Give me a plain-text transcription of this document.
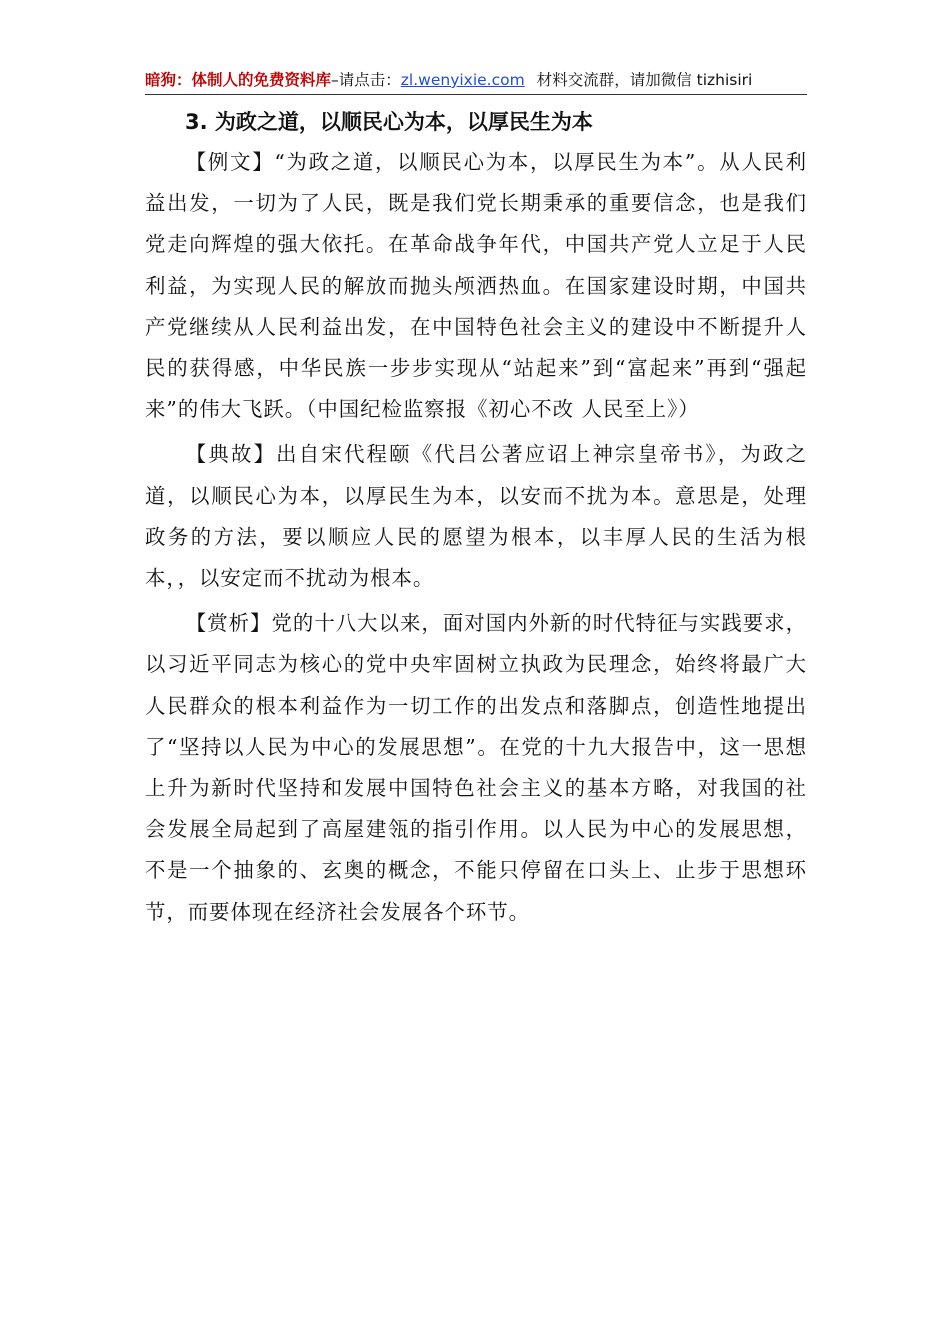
暗狗：体制人的免费资料库–请点击：zl.wenyixie.com 材料交流群，请加微信 tizhisiri
3. 为政之道，以顺民心为本，以厚民生为本

【例文】“为政之道，以顺民心为本，以厚民生为本”。从人民利益出发，一切为了人民，既是我们党长期秉承的重要信念，也是我们党走向辉煌的强大依托。在革命战争年代，中国共产党人立足于人民利益，为实现人民的解放而抛头颅洒热血。在国家建设时期，中国共产党继续从人民利益出发，在中国特色社会主义的建设中不断提升人民的获得感，中华民族一步步实现从“站起来”到“富起来”再到“强起来”的伟大飞跃。（中国纪检监察报《初心不改 人民至上》）

【典故】出自宋代程颐《代吕公著应诏上神宗皇帝书》，为政之道，以顺民心为本，以厚民生为本，以安而不扰为本。意思是，处理政务的方法，要以顺应人民的愿望为根本，以丰厚人民的生活为根本，，以安定而不扰动为根本。

【赏析】党的十八大以来，面对国内外新的时代特征与实践要求，以习近平同志为核心的党中央牢固树立执政为民理念，始终将最广大人民群众的根本利益作为一切工作的出发点和落脚点，创造性地提出了“坚持以人民为中心的发展思想”。在党的十九大报告中，这一思想上升为新时代坚持和发展中国特色社会主义的基本方略，对我国的社会发展全局起到了高屋建瓴的指引作用。以人民为中心的发展思想，不是一个抽象的、玄奥的概念，不能只停留在口头上、止步于思想环节，而要体现在经济社会发展各个环节。
